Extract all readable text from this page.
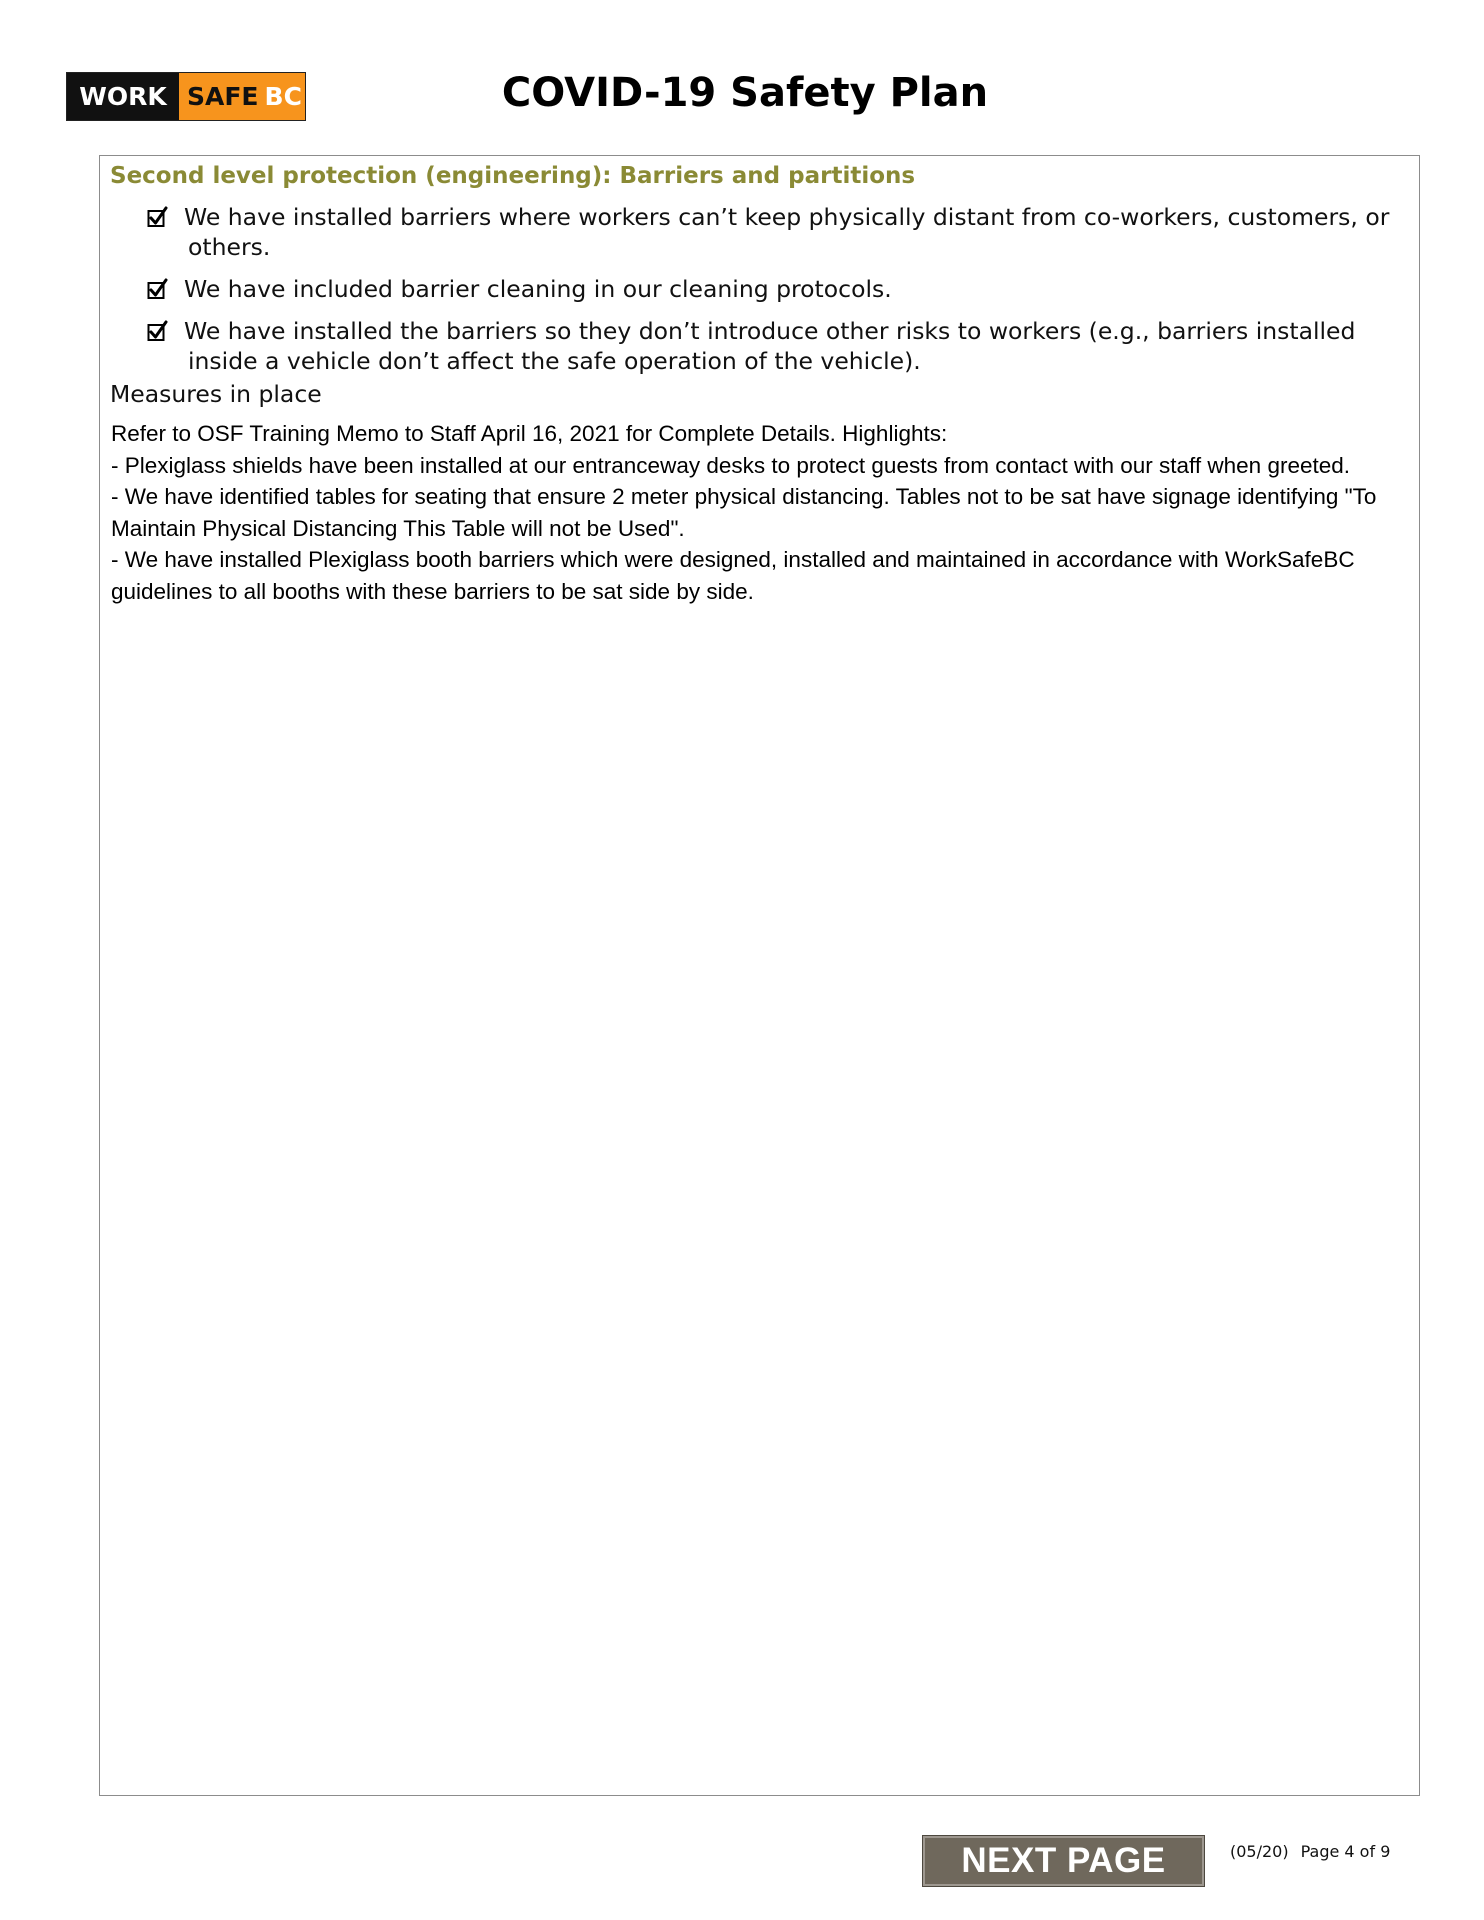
WORK SAFE BC	COVID-19 Safety Plan
Second level protection (engineering): Barriers and partitions
We have installed barriers where workers can’t keep physically distant from co-workers, customers, or others.
We have included barrier cleaning in our cleaning protocols.
We have installed the barriers so they don’t introduce other risks to workers (e.g., barriers installed inside a vehicle don’t affect the safe operation of the vehicle).
Measures in place

Refer to OSF Training Memo to Staff April 16, 2021 for Complete Details. Highlights:

- Plexiglass shields have been installed at our entranceway desks to protect guests from contact with our staff when greeted.

- We have identified tables for seating that ensure 2 meter physical distancing. Tables not to be sat have signage identifying "To Maintain Physical Distancing This Table will not be Used".

- We have installed Plexiglass booth barriers which were designed, installed and maintained in accordance with WorkSafeBC guidelines to all booths with these barriers to be sat side by side.

NEXT PAGE	(05/20) Page 4 of 9
